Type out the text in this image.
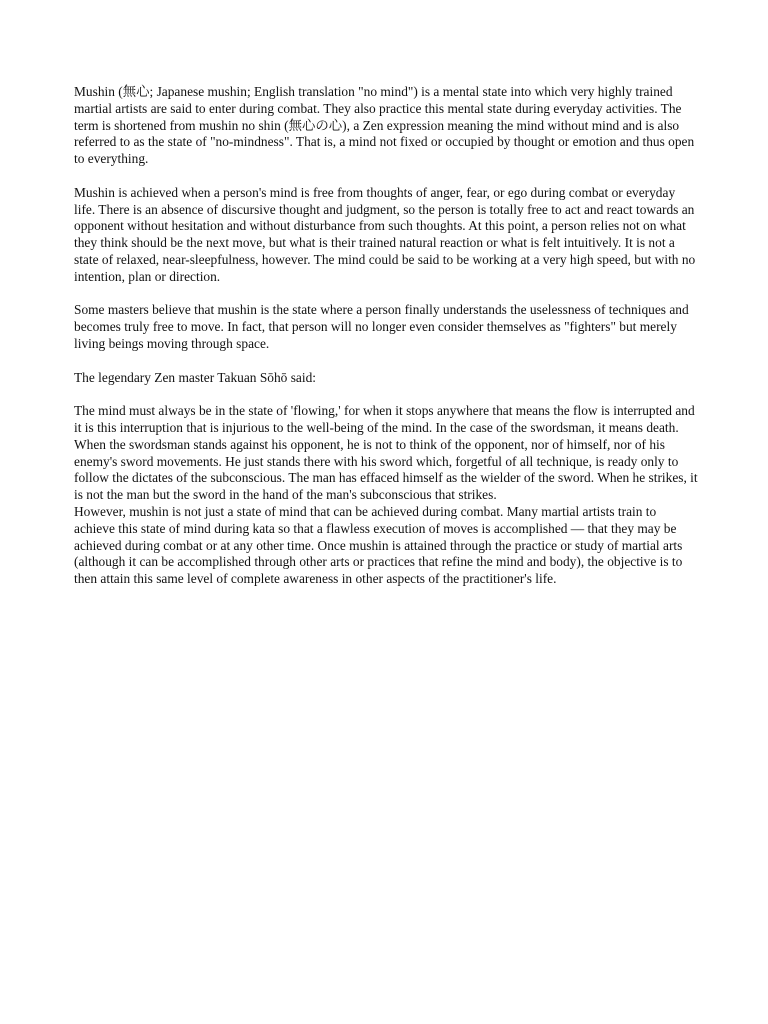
Mushin (無心; Japanese mushin; English translation "no mind") is a mental state into which very highly trained martial artists are said to enter during combat. They also practice this mental state during everyday activities. The term is shortened from mushin no shin (無心の心), a Zen expression meaning the mind without mind and is also referred to as the state of "no-mindness". That is, a mind not fixed or occupied by thought or emotion and thus open to everything.

Mushin is achieved when a person's mind is free from thoughts of anger, fear, or ego during combat or everyday life. There is an absence of discursive thought and judgment, so the person is totally free to act and react towards an opponent without hesitation and without disturbance from such thoughts. At this point, a person relies not on what they think should be the next move, but what is their trained natural reaction or what is felt intuitively. It is not a state of relaxed, near-sleepfulness, however. The mind could be said to be working at a very high speed, but with no intention, plan or direction.

Some masters believe that mushin is the state where a person finally understands the uselessness of techniques and becomes truly free to move. In fact, that person will no longer even consider themselves as "fighters" but merely living beings moving through space.

The legendary Zen master Takuan Sōhō said:

The mind must always be in the state of 'flowing,' for when it stops anywhere that means the flow is interrupted and it is this interruption that is injurious to the well-being of the mind. In the case of the swordsman, it means death. When the swordsman stands against his opponent, he is not to think of the opponent, nor of himself, nor of his enemy's sword movements. He just stands there with his sword which, forgetful of all technique, is ready only to follow the dictates of the subconscious. The man has effaced himself as the wielder of the sword. When he strikes, it is not the man but the sword in the hand of the man's subconscious that strikes.

However, mushin is not just a state of mind that can be achieved during combat. Many martial artists train to achieve this state of mind during kata so that a flawless execution of moves is accomplished — that they may be achieved during combat or at any other time. Once mushin is attained through the practice or study of martial arts (although it can be accomplished through other arts or practices that refine the mind and body), the objective is to then attain this same level of complete awareness in other aspects of the practitioner's life.
